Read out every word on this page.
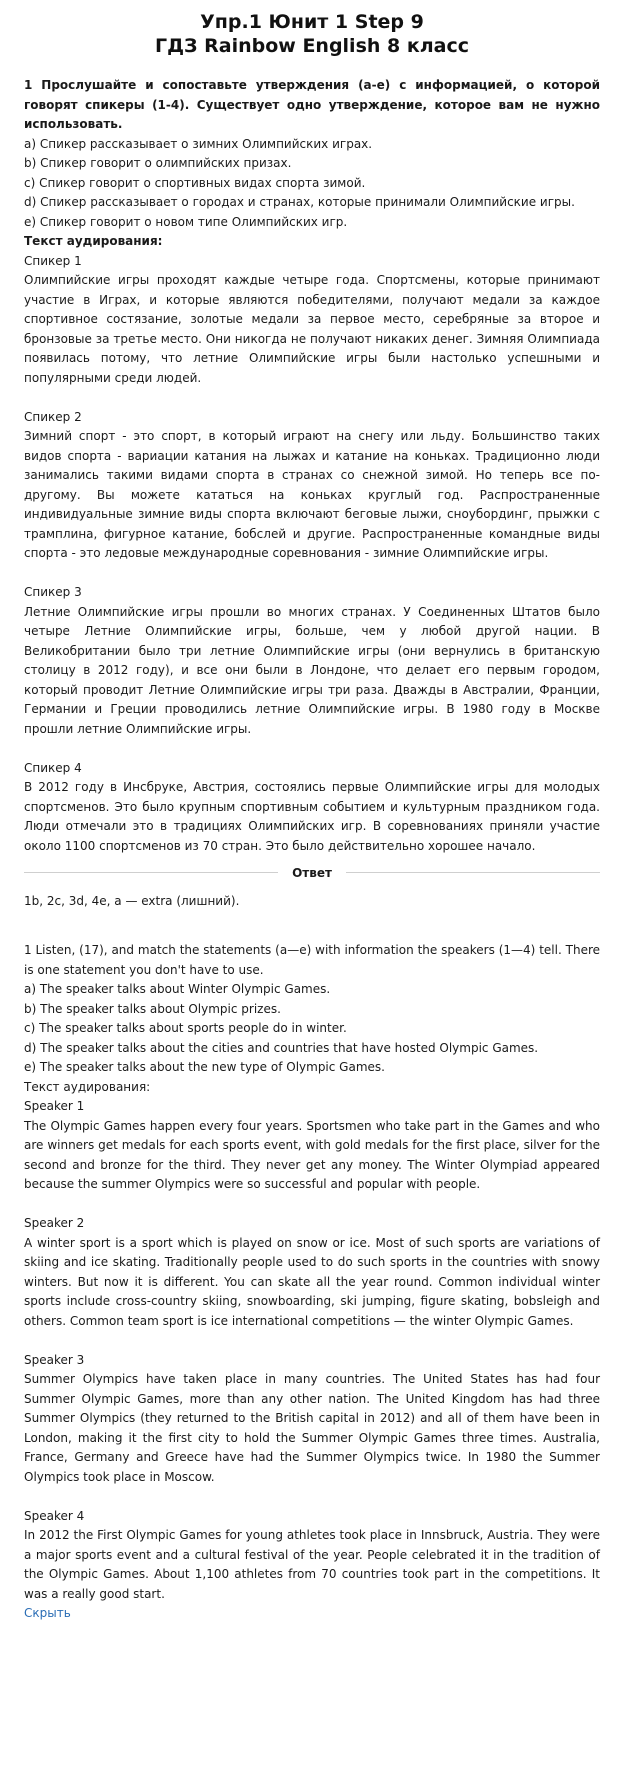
Упр.1 Юнит 1 Step 9
ГДЗ Rainbow English 8 класс

1 Прослушайте и сопоставьте утверждения (а-е) с информацией, о которой говорят спикеры (1-4). Существует одно утверждение, которое вам не нужно использовать.

a) Спикер рассказывает о зимних Олимпийских играх.

b) Спикер говорит о олимпийских призах.

c) Спикер говорит о спортивных видах спорта зимой.

d) Спикер рассказывает о городах и странах, которые принимали Олимпийские игры.

e) Спикер говорит о новом типе Олимпийских игр.

Текст аудирования:

Спикер 1

Олимпийские игры проходят каждые четыре года. Спортсмены, которые принимают участие в Играх, и которые являются победителями, получают медали за каждое спортивное состязание, золотые медали за первое место, серебряные за второе и бронзовые за третье место. Они никогда не получают никаких денег. Зимняя Олимпиада появилась потому, что летние Олимпийские игры были настолько успешными и популярными среди людей.

Спикер 2

Зимний спорт - это спорт, в который играют на снегу или льду. Большинство таких видов спорта - вариации катания на лыжах и катание на коньках. Традиционно люди занимались такими видами спорта в странах со снежной зимой. Но теперь все по-другому. Вы можете кататься на коньках круглый год. Распространенные индивидуальные зимние виды спорта включают беговые лыжи, сноубординг, прыжки с трамплина, фигурное катание, бобслей и другие. Распространенные командные виды спорта - это ледовые международные соревнования - зимние Олимпийские игры.

Спикер 3

Летние Олимпийские игры прошли во многих странах. У Соединенных Штатов было четыре Летние Олимпийские игры, больше, чем у любой другой нации. В Великобритании было три летние Олимпийские игры (они вернулись в британскую столицу в 2012 году), и все они были в Лондоне, что делает его первым городом, который проводит Летние Олимпийские игры три раза. Дважды в Австралии, Франции, Германии и Греции проводились летние Олимпийские игры. В 1980 году в Москве прошли летние Олимпийские игры.

Спикер 4

В 2012 году в Инсбруке, Австрия, состоялись первые Олимпийские игры для молодых спортсменов. Это было крупным спортивным событием и культурным праздником года. Люди отмечали это в традициях Олимпийских игр. В соревнованиях приняли участие около 1100 спортсменов из 70 стран. Это было действительно хорошее начало.

Ответ
1b, 2c, 3d, 4e, a — extra (лишний).

1 Listen, (17), and match the statements (a—e) with information the speakers (1—4) tell. There is one statement you don't have to use.

a) The speaker talks about Winter Olympic Games.

b) The speaker talks about Olympic prizes.

c) The speaker talks about sports people do in winter.

d) The speaker talks about the cities and countries that have hosted Olympic Games.

e) The speaker talks about the new type of Olympic Games.

Текст аудирования:

Speaker 1

The Olympic Games happen every four years. Sportsmen who take part in the Games and who are winners get medals for each sports event, with gold medals for the first place, silver for the second and bronze for the third. They never get any money. The Winter Olympiad appeared because the summer Olympics were so successful and popular with people.

Speaker 2

A winter sport is a sport which is played on snow or ice. Most of such sports are variations of skiing and ice skating. Traditionally people used to do such sports in the countries with snowy winters. But now it is different. You can skate all the year round. Common individual winter sports include cross-country skiing, snowboarding, ski jumping, figure skating, bobsleigh and others. Common team sport is ice international competitions — the winter Olympic Games.

Speaker 3

Summer Olympics have taken place in many countries. The United States has had four Summer Olympic Games, more than any other nation. The United Kingdom has had three Summer Olympics (they returned to the British capital in 2012) and all of them have been in London, making it the first city to hold the Summer Olympic Games three times. Australia, France, Germany and Greece have had the Summer Olympics twice. In 1980 the Summer Olympics took place in Moscow.

Speaker 4

In 2012 the First Olympic Games for young athletes took place in Innsbruck, Austria. They were a major sports event and a cultural festival of the year. People celebrated it in the tradition of the Olympic Games. About 1,100 athletes from 70 countries took part in the competitions. It was a really good start.

Скрыть
